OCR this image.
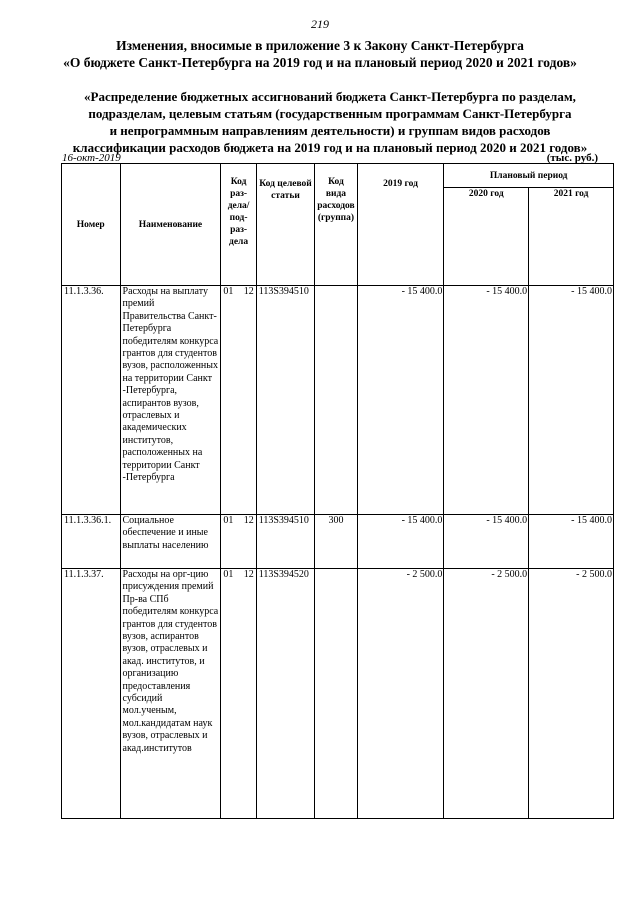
219
Изменения, вносимые в приложение 3 к Закону Санкт-Петербурга
«О бюджете Санкт-Петербурга на 2019 год и на плановый период 2020 и 2021 годов»
«Распределение бюджетных ассигнований бюджета Санкт-Петербурга по разделам,
подразделам, целевым статьям (государственным программам Санкт-Петербурга
и непрограммным направлениям деятельности) и группам видов расходов
классификации расходов бюджета на 2019 год и на плановый период 2020 и 2021 годов»
16-окт-2019	(тыс. руб.)
Номер	Наименование	Код раз-дела/ под-раз-дела	Код целевой статьи	Код вида расходов (группа)	2019 год	Плановый период	
						2020 год	2021 год
11.1.3.36.	Расходы на выплату премий Правительства Санкт-Петербурга победителям конкурса грантов для студентов вузов, расположенных на территории Санкт -Петербурга, аспирантов вузов, отраслевых и академических институтов, расположенных на территории Санкт -Петербурга	01 12	113S394510		- 15 400.0	- 15 400.0	- 15 400.0
11.1.3.36.1.	Социальное обеспечение и иные выплаты населению	01 12	113S394510	300	- 15 400.0	- 15 400.0	- 15 400.0
11.1.3.37.	Расходы на орг-цию присуждения премий Пр-ва СПб победителям конкурса грантов для студентов вузов, аспирантов вузов, отраслевых и акад. институтов, и организацию предоставления субсидий мол.ученым, мол.кандидатам наук вузов, отраслевых и акад.институтов	01 12	113S394520		- 2 500.0	- 2 500.0	- 2 500.0
